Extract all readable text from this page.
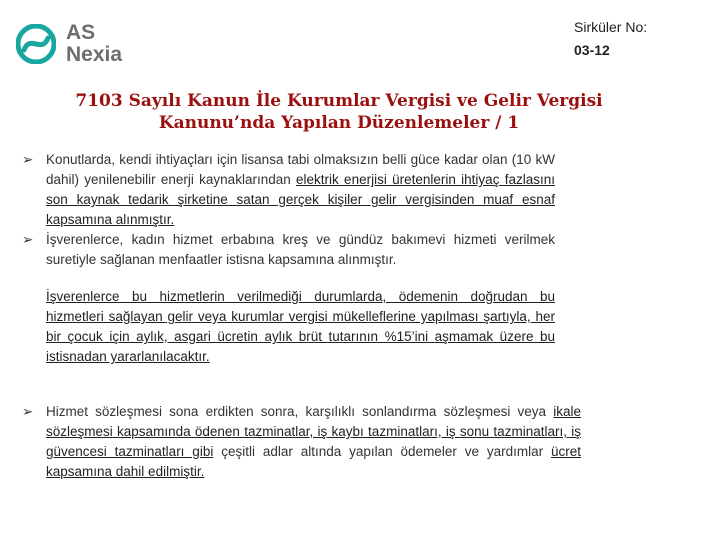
AS
Nexia
Sirküler No:
03-12
7103 Sayılı Kanun İle Kurumlar Vergisi ve Gelir Vergisi
Kanunu’nda Yapılan Düzenlemeler / 1

➢ Konutlarda, kendi ihtiyaçları için lisansa tabi olmaksızın belli güce kadar olan (10 kW dahil) yenilenebilir enerji kaynaklarından elektrik enerjisi üretenlerin ihtiyaç fazlasını son kaynak tedarik şirketine satan gerçek kişiler gelir vergisinden muaf esnaf kapsamına alınmıştır.

➢ İşverenlerce, kadın hizmet erbabına kreş ve gündüz bakımevi hizmeti verilmek suretiyle sağlanan menfaatler istisna kapsamına alınmıştır.

İşverenlerce bu hizmetlerin verilmediği durumlarda, ödemenin doğrudan bu hizmetleri sağlayan gelir veya kurumlar vergisi mükelleflerine yapılması şartıyla, her bir çocuk için aylık, asgari ücretin aylık brüt tutarının %15’ini aşmamak üzere bu istisnadan yararlanılacaktır.

➢ Hizmet sözleşmesi sona erdikten sonra, karşılıklı sonlandırma sözleşmesi veya ikale sözleşmesi kapsamında ödenen tazminatlar, iş kaybı tazminatları, iş sonu tazminatları, iş güvencesi tazminatları gibi çeşitli adlar altında yapılan ödemeler ve yardımlar ücret kapsamına dahil edilmiştir.
